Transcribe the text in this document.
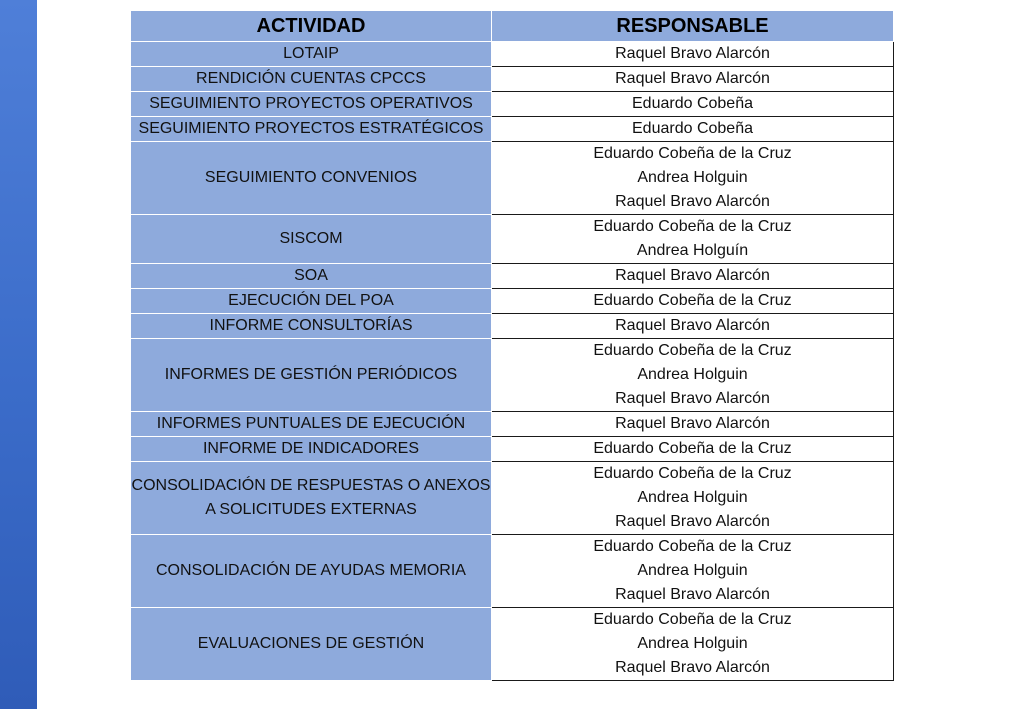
ACTIVIDAD	RESPONSABLE

LOTAIP	Raquel Bravo Alarcón

RENDICIÓN CUENTAS CPCCS	Raquel Bravo Alarcón

SEGUIMIENTO PROYECTOS OPERATIVOS	Eduardo Cobeña

SEGUIMIENTO PROYECTOS ESTRATÉGICOS	Eduardo Cobeña

SEGUIMIENTO CONVENIOS	Eduardo Cobeña de la Cruz
Andrea Holguin
Raquel Bravo Alarcón

SISCOM	Eduardo Cobeña de la Cruz
Andrea Holguín

SOA	Raquel Bravo Alarcón

EJECUCIÓN DEL POA	Eduardo Cobeña de la Cruz

INFORME CONSULTORÍAS	Raquel Bravo Alarcón

INFORMES DE GESTIÓN PERIÓDICOS	Eduardo Cobeña de la Cruz
Andrea Holguin
Raquel Bravo Alarcón

INFORMES PUNTUALES DE EJECUCIÓN	Raquel Bravo Alarcón

INFORME DE INDICADORES	Eduardo Cobeña de la Cruz

CONSOLIDACIÓN DE RESPUESTAS O ANEXOS
A SOLICITUDES EXTERNAS	Eduardo Cobeña de la Cruz
Andrea Holguin
Raquel Bravo Alarcón

CONSOLIDACIÓN DE AYUDAS MEMORIA	Eduardo Cobeña de la Cruz
Andrea Holguin
Raquel Bravo Alarcón

EVALUACIONES DE GESTIÓN	Eduardo Cobeña de la Cruz
Andrea Holguin
Raquel Bravo Alarcón
